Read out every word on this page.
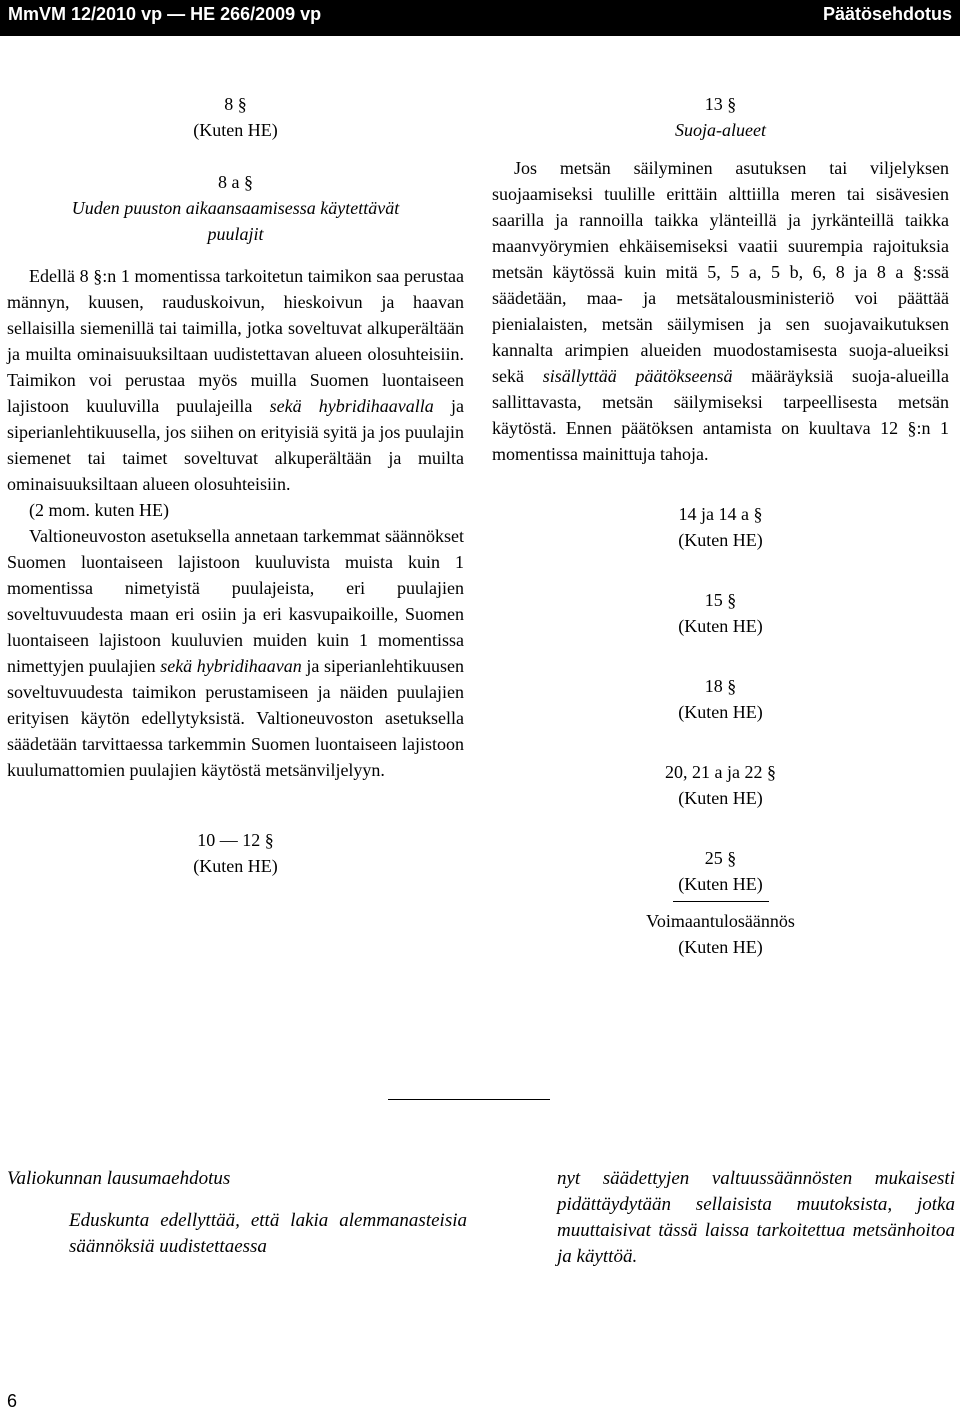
MmVM 12/2010 vp — HE 266/2009 vp	Päätösehdotus

8 §

(Kuten HE)

8 a §

Uuden puuston aikaansaamisessa käytettävät

puulajit

Edellä 8 §:n 1 momentissa tarkoitetun taimikon saa perustaa männyn, kuusen, rauduskoivun, hieskoivun ja haavan sellaisilla siemenillä tai taimilla, jotka soveltuvat alkuperältään ja muilta ominaisuuksiltaan uudistettavan alueen olosuhteisiin. Taimikon voi perustaa myös muilla Suomen luontaiseen lajistoon kuuluvilla puulajeilla sekä hybridihaavalla ja siperianlehtikuusella, jos siihen on erityisiä syitä ja jos puulajin siemenet tai taimet soveltuvat alkuperältään ja muilta ominaisuuksiltaan alueen olosuhteisiin.

(2 mom. kuten HE)

Valtioneuvoston asetuksella annetaan tarkemmat säännökset Suomen luontaiseen lajistoon kuuluvista muista kuin 1 momentissa nimetyistä puulajeista, eri puulajien soveltuvuudesta maan eri osiin ja eri kasvupaikoille, Suomen luontaiseen lajistoon kuuluvien muiden kuin 1 momentissa nimettyjen puulajien sekä hybridihaavan ja siperianlehtikuusen soveltuvuudesta taimikon perustamiseen ja näiden puulajien erityisen käytön edellytyksistä. Valtioneuvoston asetuksella säädetään tarvittaessa tarkemmin Suomen luontaiseen lajistoon kuulumattomien puulajien käytöstä metsänviljelyyn.

10 — 12 §

(Kuten HE)

13 §

Suoja-alueet

Jos metsän säilyminen asutuksen tai viljelyksen suojaamiseksi tuulille erittäin alttiilla meren tai sisävesien saarilla ja rannoilla taikka ylänteillä ja jyrkänteillä taikka maanvyörymien ehkäisemiseksi vaatii suurempia rajoituksia metsän käytössä kuin mitä 5, 5 a, 5 b, 6, 8 ja 8 a §:ssä säädetään, maa- ja metsätalousministeriö voi päättää pienialaisten, metsän säilymisen ja sen suojavaikutuksen kannalta arimpien alueiden muodostamisesta suoja-alueiksi sekä sisällyttää päätökseensä määräyksiä suoja-alueilla sallittavasta, metsän säilymiseksi tarpeellisesta metsän käytöstä. Ennen päätöksen antamista on kuultava 12 §:n 1 momentissa mainittuja tahoja.

14 ja 14 a §

(Kuten HE)

15 §

(Kuten HE)

18 §

(Kuten HE)

20, 21 a ja 22 §

(Kuten HE)

25 §

(Kuten HE)

Voimaantulosäännös

(Kuten HE)

Valiokunnan lausumaehdotus
Eduskunta edellyttää, että lakia alemmanasteisia säännöksiä uudistettaessa
nyt säädettyjen valtuussäännösten mukaisesti pidättäydytään sellaisista muutoksista, jotka muuttaisivat tässä laissa tarkoitettua metsänhoitoa ja käyttöä.
6
